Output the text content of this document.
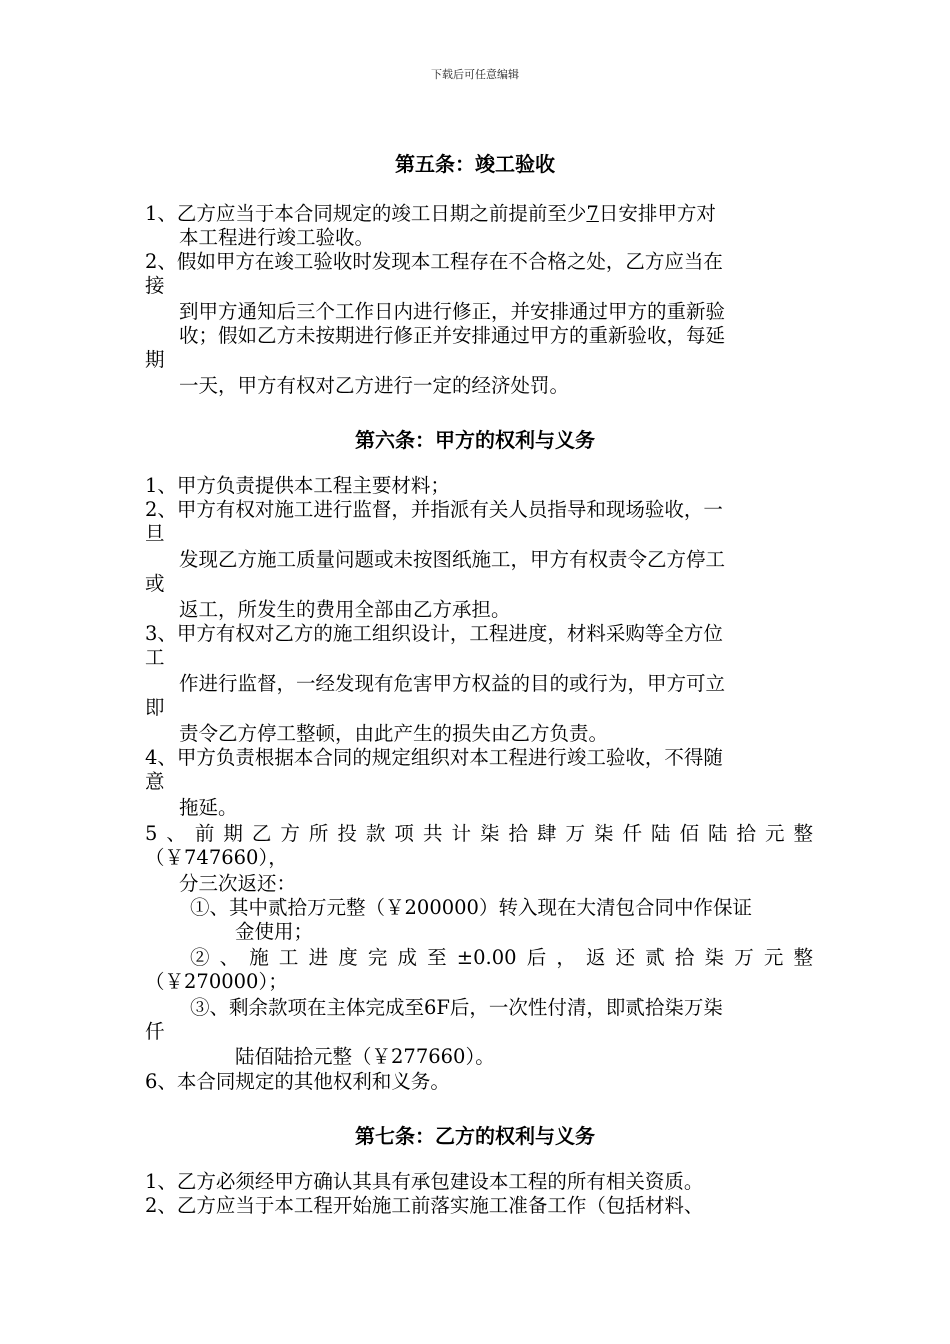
下载后可任意编辑
第五条：竣工验收
1、乙方应当于本合同规定的竣工日期之前提前至少7日安排甲方对
本工程进行竣工验收。
2、假如甲方在竣工验收时发现本工程存在不合格之处，乙方应当在
接
到甲方通知后三个工作日内进行修正，并安排通过甲方的重新验
收；假如乙方未按期进行修正并安排通过甲方的重新验收，每延
期
一天，甲方有权对乙方进行一定的经济处罚。
第六条：甲方的权利与义务
1、甲方负责提供本工程主要材料；
2、甲方有权对施工进行监督，并指派有关人员指导和现场验收，一
旦
发现乙方施工质量问题或未按图纸施工，甲方有权责令乙方停工
或
返工，所发生的费用全部由乙方承担。
3、甲方有权对乙方的施工组织设计，工程进度，材料采购等全方位
工
作进行监督，一经发现有危害甲方权益的目的或行为，甲方可立
即
责令乙方停工整顿，由此产生的损失由乙方负责。
4、甲方负责根据本合同的规定组织对本工程进行竣工验收，不得随
意
拖延。
5、前期乙方所投款项共计柒拾肆万柒仟陆佰陆拾元整
（￥747660），
分三次返还：
①、其中贰拾万元整（￥200000）转入现在大清包合同中作保证
金使用；
②、施工进度完成至±0.00后，返还贰拾柒万元整
（￥270000）；
③、剩余款项在主体完成至6F后，一次性付清，即贰拾柒万柒
仟
陆佰陆拾元整（￥277660）。
6、本合同规定的其他权利和义务。
第七条：乙方的权利与义务
1、乙方必须经甲方确认其具有承包建设本工程的所有相关资质。
2、乙方应当于本工程开始施工前落实施工准备工作（包括材料、
